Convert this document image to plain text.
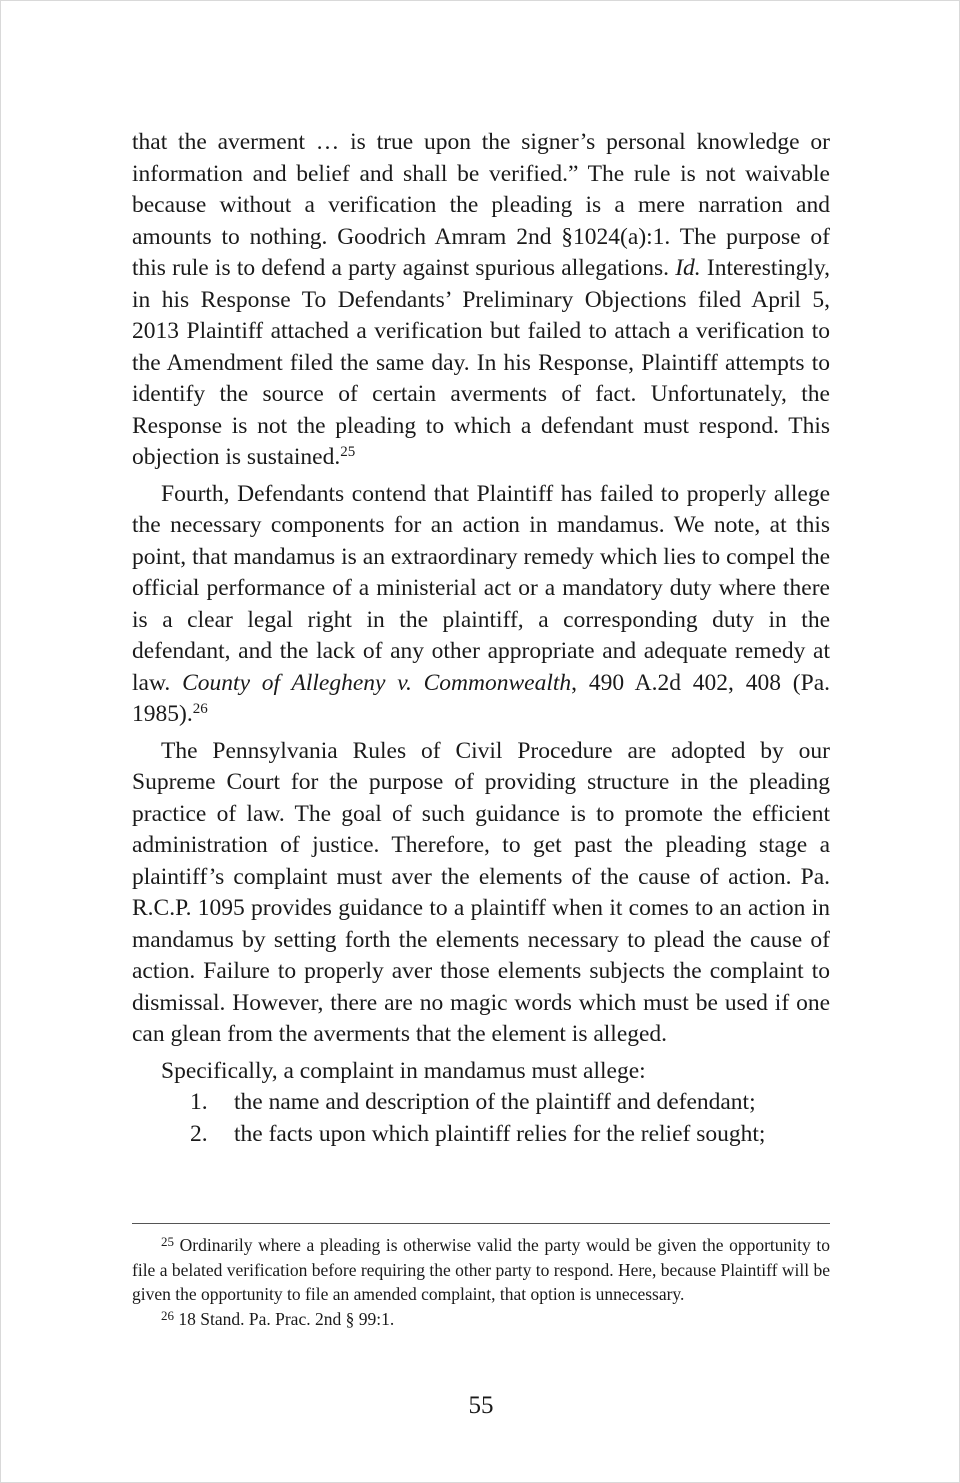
that the averment … is true upon the signer’s personal knowledge or information and belief and shall be verified.” The rule is not waivable because without a verification the pleading is a mere narration and amounts to nothing. Goodrich Amram 2nd §1024(a):1. The purpose of this rule is to defend a party against spurious allegations. Id. Interestingly, in his Response To Defendants’ Preliminary Objections filed April 5, 2013 Plaintiff attached a verification but failed to attach a verification to the Amendment filed the same day. In his Response, Plaintiff attempts to identify the source of certain averments of fact. Unfortunately, the Response is not the pleading to which a defendant must respond. This objection is sustained.$^{25}$

Fourth, Defendants contend that Plaintiff has failed to properly allege the necessary components for an action in mandamus. We note, at this point, that mandamus is an extraordinary remedy which lies to compel the official performance of a ministerial act or a mandatory duty where there is a clear legal right in the plaintiff, a corresponding duty in the defendant, and the lack of any other appropriate and adequate remedy at law. County of Allegheny v. Commonwealth, 490 A.2d 402, 408 (Pa. 1985).$^{26}$

The Pennsylvania Rules of Civil Procedure are adopted by our Supreme Court for the purpose of providing structure in the pleading practice of law. The goal of such guidance is to promote the efficient administration of justice. Therefore, to get past the pleading stage a plaintiff’s complaint must aver the elements of the cause of action. Pa. R.C.P. 1095 provides guidance to a plaintiff when it comes to an action in mandamus by setting forth the elements necessary to plead the cause of action. Failure to properly aver those elements subjects the complaint to dismissal. However, there are no magic words which must be used if one can glean from the averments that the element is alleged.

Specifically, a complaint in mandamus must allege:

1.	the name and description of the plaintiff and defendant;
2.	the facts upon which plaintiff relies for the relief sought;

$^{25}$ Ordinarily where a pleading is otherwise valid the party would be given the opportunity to file a belated verification before requiring the other party to respond. Here, because Plaintiff will be given the opportunity to file an amended complaint, that option is unnecessary.

$^{26}$ 18 Stand. Pa. Prac. 2nd § 99:1.

55
